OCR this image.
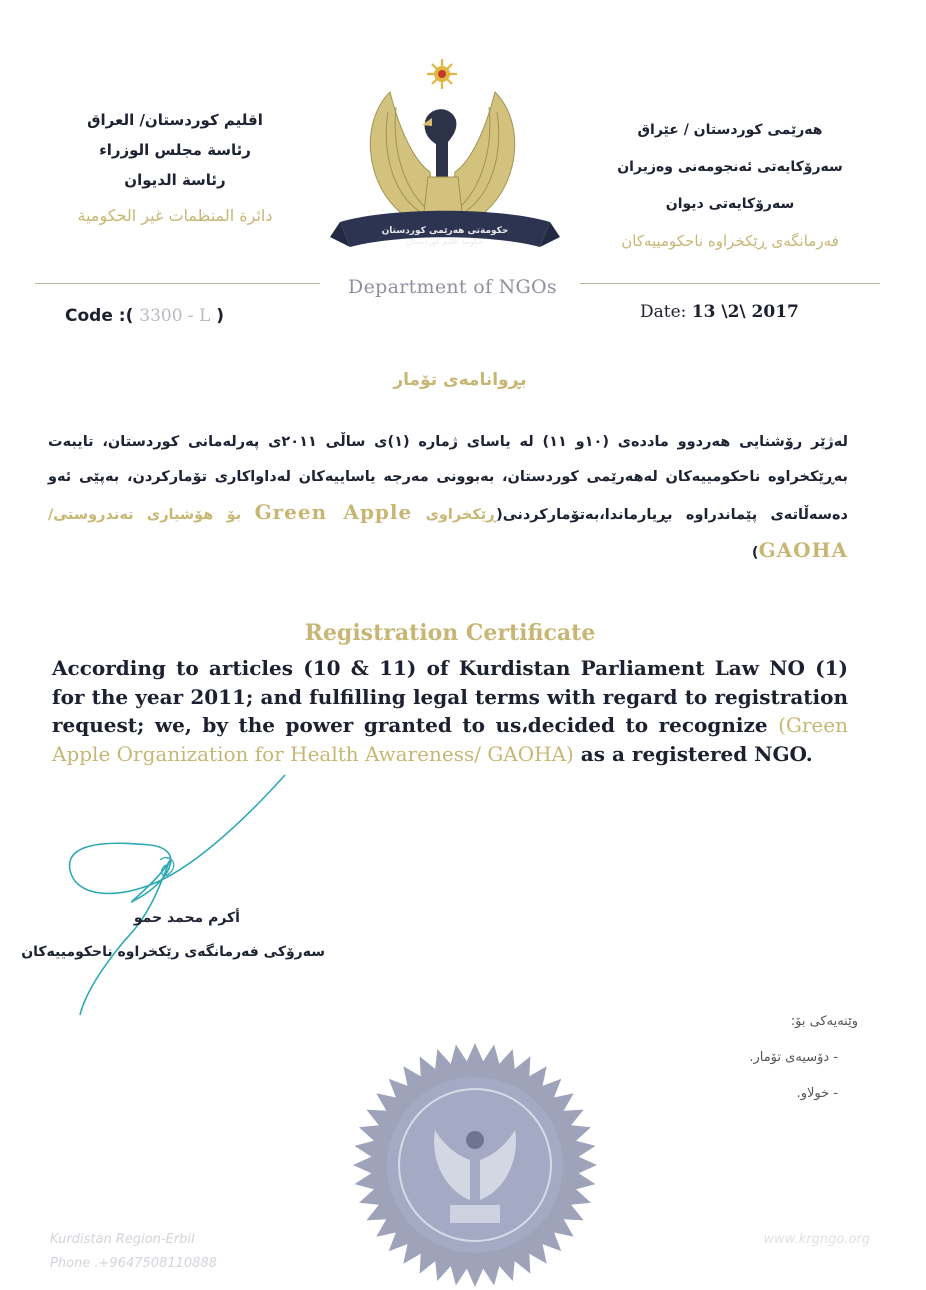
اقليم كوردستان/ العراق
رئاسة مجلس الوزراء
رئاسة الديوان
دائرة المنظمات غير الحكومية
هەرێمی كوردستان / عێراق
سەرۆكایەتی ئەنجومەنی وەزیران
سەرۆكایەتی دیوان
فەرمانگەی ڕێکخراوە ناحکومییەکان
حكومةتى هەرێمی كوردستان
حكومة اقليم كوردستان
Department of NGOs
Code :( 3300 - L )	Date: 13 \2\ 2017
بڕوانامەی تۆمار
لەژێر رۆشنایی هەردوو ماددەی (١٠و ١١) لە یاسای ژمارە (١)ی ساڵی ٢٠١١ی پەرلەمانی كوردستان، تایبەت بەڕێكخراوە ناحكومییەكان لەهەرێمی كوردستان، بەبوونی مەرجە یاساییەكان لەداواكاری تۆماركردن، بەپێی ئەو دەسەڵاتەی پێماندراوە بڕیارماندا،بەتۆماركردنی(ڕێكخراوی Green Apple بۆ هۆشیاری تەندروستی/ GAOHA)
Registration Certificate
According to articles (10 & 11) of Kurdistan Parliament Law NO (1) for the year 2011; and fulfilling legal terms with regard to registration request; we, by the power granted to us،decided to recognize (Green Apple Organization for Health Awareness/ GAOHA) as a registered NGO.
أكرم محمد حمو
سەرۆكی فەرمانگەی رێكخراوە ناحكومییەكان
وێنەیەکی بۆ:
- دۆسیەی تۆمار.
- خولاو.
Kurdistan Region-Erbil
Phone .+9647508110888
www.krgngo.org
